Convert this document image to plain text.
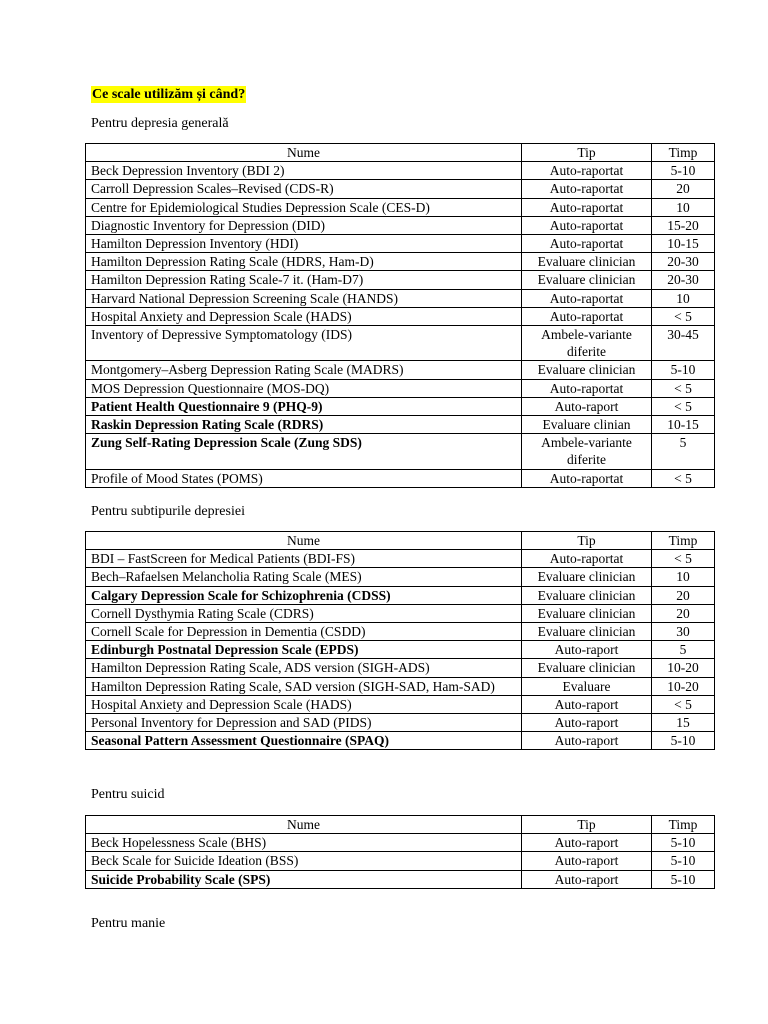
Ce scale utilizăm și când?
Pentru depresia generală
Nume	Tip	Timp
Beck Depression Inventory (BDI 2)	Auto-raportat	5-10
Carroll Depression Scales–Revised (CDS-R)	Auto-raportat	20
Centre for Epidemiological Studies Depression Scale (CES-D)	Auto-raportat	10
Diagnostic Inventory for Depression (DID)	Auto-raportat	15-20
Hamilton Depression Inventory (HDI)	Auto-raportat	10-15
Hamilton Depression Rating Scale (HDRS, Ham-D)	Evaluare clinician	20-30
Hamilton Depression Rating Scale-7 it. (Ham-D7)	Evaluare clinician	20-30
Harvard National Depression Screening Scale (HANDS)	Auto-raportat	10
Hospital Anxiety and Depression Scale (HADS)	Auto-raportat	< 5
Inventory of Depressive Symptomatology (IDS)	Ambele-variante diferite	30-45
Montgomery–Asberg Depression Rating Scale (MADRS)	Evaluare clinician	5-10
MOS Depression Questionnaire (MOS-DQ)	Auto-raportat	< 5
Patient Health Questionnaire 9 (PHQ-9)	Auto-raport	< 5
Raskin Depression Rating Scale (RDRS)	Evaluare clinian	10-15
Zung Self-Rating Depression Scale (Zung SDS)	Ambele-variante diferite	5
Profile of Mood States (POMS)	Auto-raportat	< 5
Pentru subtipurile depresiei
Nume	Tip	Timp
BDI – FastScreen for Medical Patients (BDI-FS)	Auto-raportat	< 5
Bech–Rafaelsen Melancholia Rating Scale (MES)	Evaluare clinician	10
Calgary Depression Scale for Schizophrenia (CDSS)	Evaluare clinician	20
Cornell Dysthymia Rating Scale (CDRS)	Evaluare clinician	20
Cornell Scale for Depression in Dementia (CSDD)	Evaluare clinician	30
Edinburgh Postnatal Depression Scale (EPDS)	Auto-raport	5
Hamilton Depression Rating Scale, ADS version (SIGH-ADS)	Evaluare clinician	10-20
Hamilton Depression Rating Scale, SAD version (SIGH-SAD, Ham-SAD)	Evaluare	10-20
Hospital Anxiety and Depression Scale (HADS)	Auto-raport	< 5
Personal Inventory for Depression and SAD (PIDS)	Auto-raport	15
Seasonal Pattern Assessment Questionnaire (SPAQ)	Auto-raport	5-10
Pentru suicid
Nume	Tip	Timp
Beck Hopelessness Scale (BHS)	Auto-raport	5-10
Beck Scale for Suicide Ideation (BSS)	Auto-raport	5-10
Suicide Probability Scale (SPS)	Auto-raport	5-10
Pentru manie
